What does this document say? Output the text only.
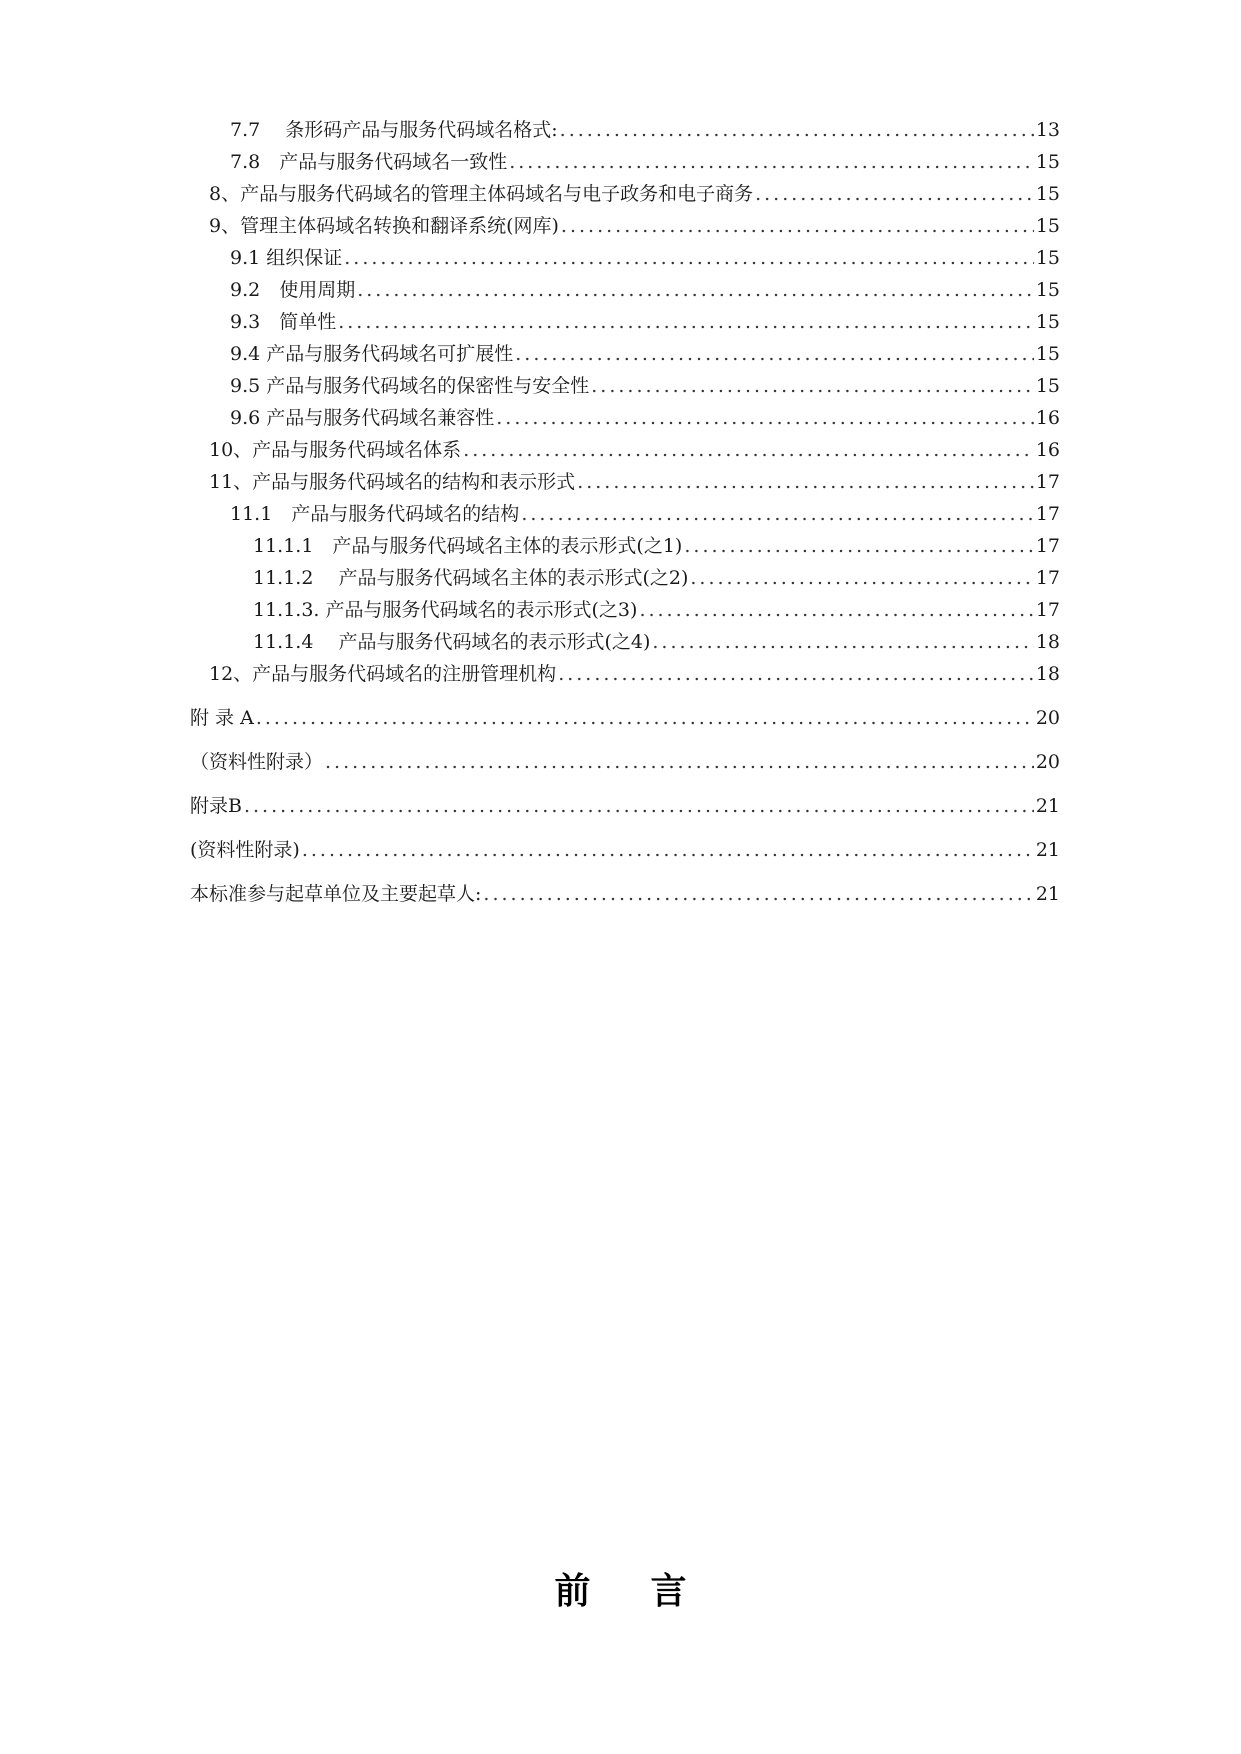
7.7　 条形码产品与服务代码域名格式: .....	13
7.8　产品与服务代码域名一致性 .....	15
8、产品与服务代码域名的管理主体码域名与电子政务和电子商务 .....	15
9、管理主体码域名转换和翻译系统(网库) .....	15
9.1 组织保证 .....	15
9.2　使用周期 .....	15
9.3　简单性 .....	15
9.4 产品与服务代码域名可扩展性 .....	15
9.5 产品与服务代码域名的保密性与安全性 .....	15
9.6 产品与服务代码域名兼容性 .....	16
10、产品与服务代码域名体系 .....	16
11、产品与服务代码域名的结构和表示形式 .....	17
11.1　产品与服务代码域名的结构 .....	17
11.1.1　产品与服务代码域名主体的表示形式(之1) .....	17
11.1.2　 产品与服务代码域名主体的表示形式(之2) .....	17
11.1.3. 产品与服务代码域名的表示形式(之3) .....	17
11.1.4　 产品与服务代码域名的表示形式(之4) .....	18
12、产品与服务代码域名的注册管理机构 .....	18
附 录 A .....	20
（资料性附录） .....	20
附录B .....	21
(资料性附录) .....	21
本标准参与起草单位及主要起草人: .....	21
前言
